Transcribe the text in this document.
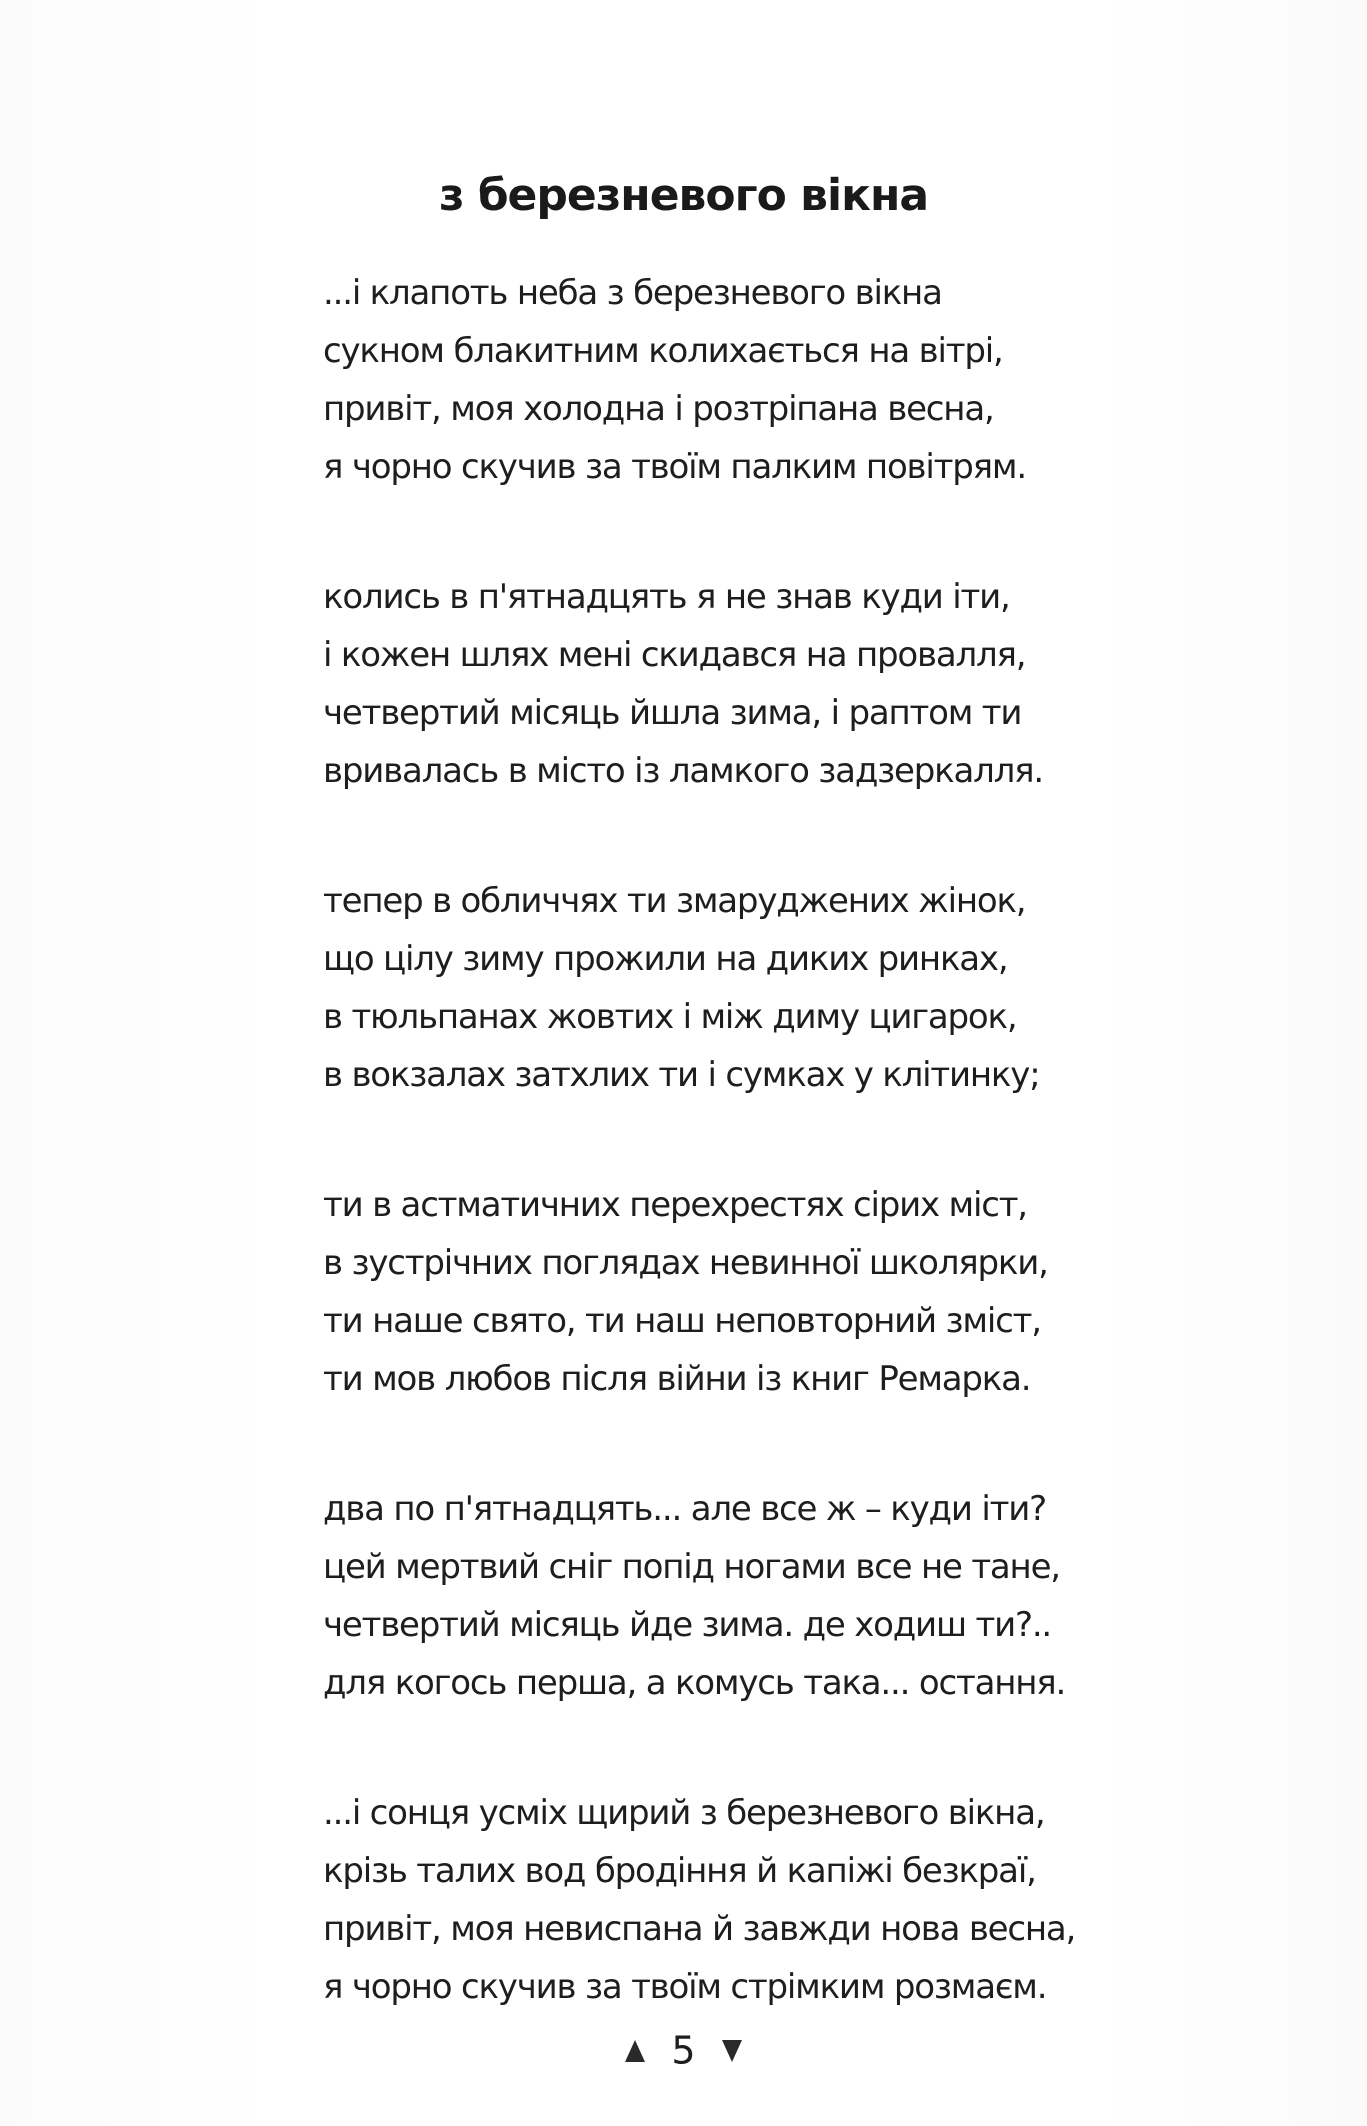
з березневого вікна
...і клапоть неба з березневого вікна
сукном блакитним колихається на вітрі,
привіт, моя холодна і розтріпана весна,
я чорно скучив за твоїм палким повітрям.
колись в п'ятнадцять я не знав куди іти,
і кожен шлях мені скидався на провалля,
четвертий місяць йшла зима, і раптом ти
вривалась в місто із ламкого задзеркалля.
тепер в обличчях ти змаруджених жінок,
що цілу зиму прожили на диких ринках,
в тюльпанах жовтих і між диму цигарок,
в вокзалах затхлих ти і сумках у клітинку;
ти в астматичних перехрестях сірих міст,
в зустрічних поглядах невинної школярки,
ти наше свято, ти наш неповторний зміст,
ти мов любов після війни із книг Ремарка.
два по п'ятнадцять... але все ж – куди іти?
цей мертвий сніг попід ногами все не тане,
четвертий місяць йде зима. де ходиш ти?..
для когось перша, а комусь така... остання.
...і сонця усміх щирий з березневого вікна,
крізь талих вод бродіння й капіжі безкраї,
привіт, моя невиспана й завжди нова весна,
я чорно скучив за твоїм стрімким розмаєм.
5
